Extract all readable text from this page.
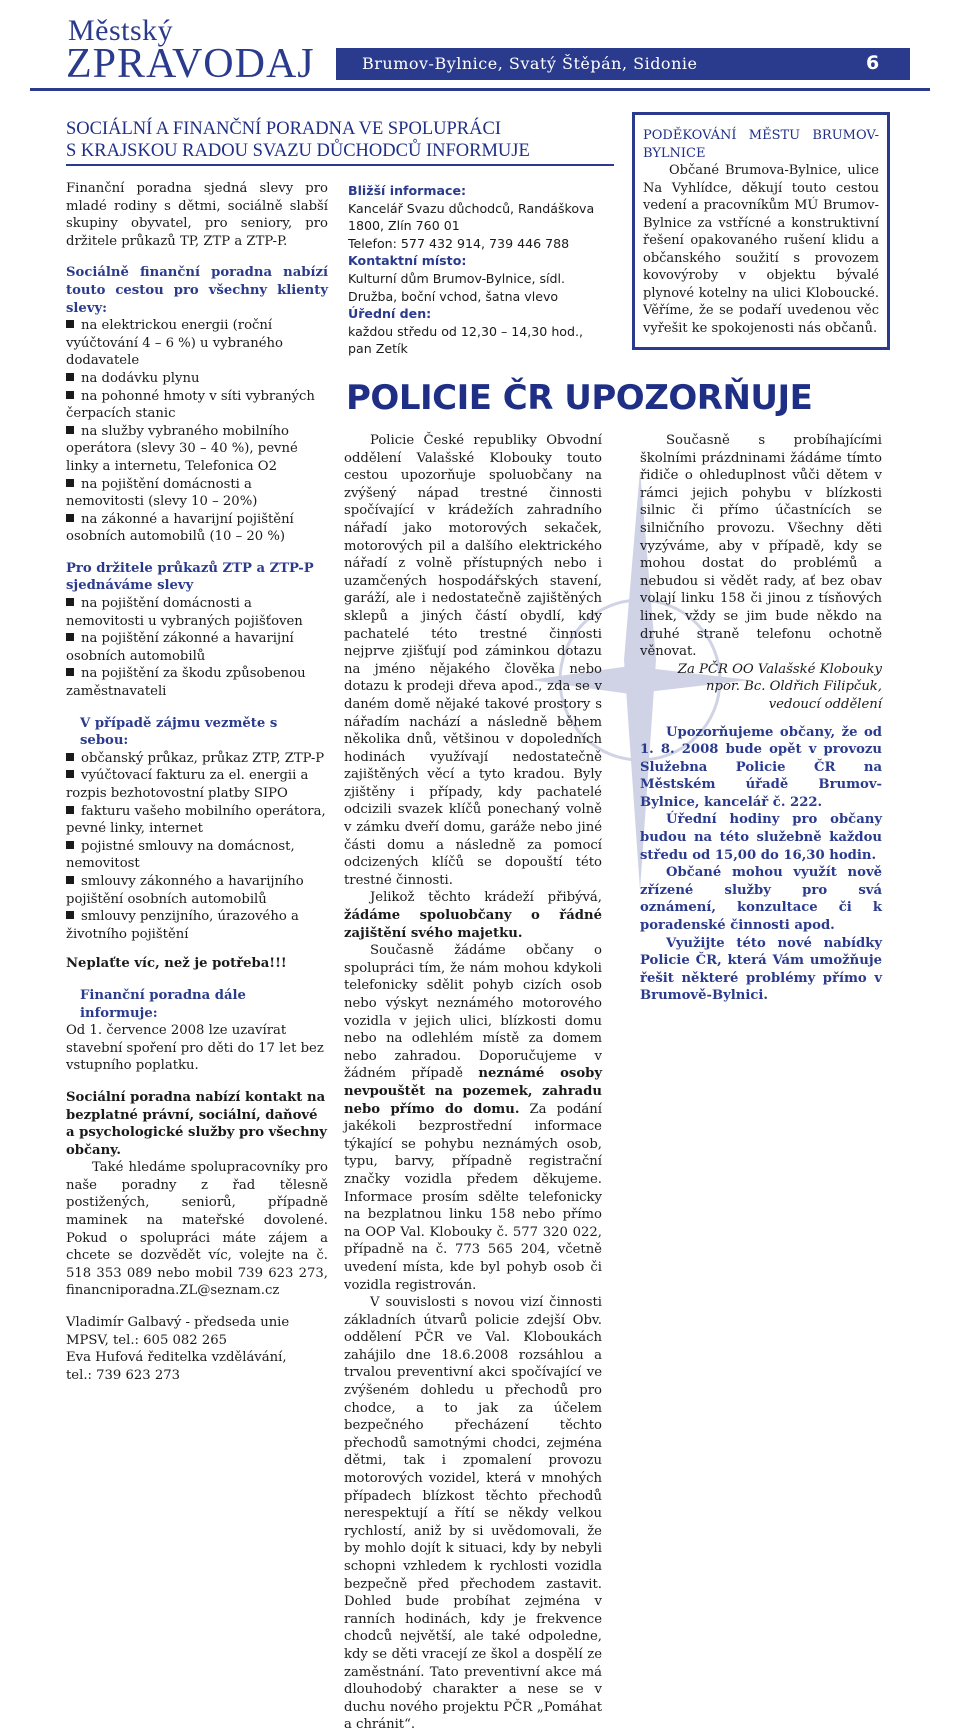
Městský
ZPRAVODAJ	Brumov-Bylnice, Svatý Štěpán, Sidonie	6
SOCIÁLNÍ A FINANČNÍ PORADNA VE SPOLUPRÁCI
S KRAJSKOU RADOU SVAZU DŮCHODCŮ INFORMUJE

Finanční poradna sjedná slevy pro mladé rodiny s dětmi, sociálně slabší skupiny obyvatel, pro seniory, pro držitele průkazů TP, ZTP a ZTP-P.

Sociálně finanční poradna nabízí touto cestou pro všechny klienty slevy:

na elektrickou energii (roční vyúčtování 4 – 6 %) u vybraného dodavatele

na dodávku plynu

na pohonné hmoty v síti vybraných čerpacích stanic

na služby vybraného mobilního operátora (slevy 30 – 40 %), pevné linky a internetu, Telefonica O2

na pojištění domácnosti a nemovitosti (slevy 10 – 20%)

na zákonné a havarijní pojištění osobních automobilů (10 – 20 %)

Pro držitele průkazů ZTP a ZTP-P sjednáváme slevy

na pojištění domácnosti a nemovitosti u vybraných pojišťoven

na pojištění zákonné a havarijní osobních automobilů

na pojištění za škodu způsobenou zaměstnavateli

V případě zájmu vezměte s sebou:

občanský průkaz, průkaz ZTP, ZTP-P

vyúčtovací fakturu za el. energii a rozpis bezhotovostní platby SIPO

fakturu vašeho mobilního operátora, pevné linky, internet

pojistné smlouvy na domácnost, nemovitost

smlouvy zákonného a havarijního pojištění osobních automobilů

smlouvy penzijního, úrazového a životního pojištění

Neplaťte víc, než je potřeba!!!

Finanční poradna dále informuje:

Od 1. července 2008 lze uzavírat stavební spoření pro děti do 17 let bez vstupního poplatku.

Sociální poradna nabízí kontakt na bezplatné právní, sociální, daňové a psychologické služby pro všechny občany.

Také hledáme spolupracovníky pro naše poradny z řad tělesně postižených, seniorů, případně maminek na mateřské dovolené. Pokud o spolupráci máte zájem a chcete se dozvědět víc, volejte na č. 518 353 089 nebo mobil 739 623 273, financniporadna.ZL@seznam.cz

Vladimír Galbavý - předseda unie

MPSV, tel.: 605 082 265

Eva Hufová ředitelka vzdělávání,

tel.: 739 623 273

Bližší informace:

Kancelář Svazu důchodců, Randáškova 1800, Zlín 760 01

Telefon: 577 432 914, 739 446 788

Kontaktní místo:

Kulturní dům Brumov-Bylnice, sídl. Družba, boční vchod, šatna vlevo

Úřední den:

každou středu od 12,30 – 14,30 hod., pan Zetík

PODĚKOVÁNÍ MĚSTU BRUMOV-BYLNICE

Občané Brumova-Bylnice, ulice Na Vyhlídce, děkují touto cestou vedení a pracovníkům MÚ Brumov-Bylnice za vstřícné a konstruktivní řešení opakovaného rušení klidu a občanského soužití s provozem kovovýroby v objektu bývalé plynové kotelny na ulici Kloboucké. Věříme, že se podaří uvedenou věc vyřešit ke spokojenosti nás občanů.

POLICIE ČR UPOZORŇUJE

Policie České republiky Obvodní oddělení Valašské Klobouky touto cestou upozorňuje spoluobčany na zvýšený nápad trestné činnosti spočívající v krádežích zahradního nářadí jako motorových sekaček, motorových pil a dalšího elektrického nářadí z volně přístupných nebo i uzamčených hospodářských stavení, garáží, ale i nedostatečně zajištěných sklepů a jiných částí obydlí, kdy pachatelé této trestné činnosti nejprve zjišťují pod záminkou dotazu na jméno nějakého člověka nebo dotazu k prodeji dřeva apod., zda se v daném domě nějaké takové prostory s nářadím nachází a následně během několika dnů, většinou v dopoledních hodinách využívají nedostatečně zajištěných věcí a tyto kradou. Byly zjištěny i případy, kdy pachatelé odcizili svazek klíčů ponechaný volně v zámku dveří domu, garáže nebo jiné části domu a následně za pomocí odcizených klíčů se dopouští této trestné činnosti.

Jelikož těchto krádeží přibývá, žádáme spoluobčany o řádné zajištění svého majetku.

Současně žádáme občany o spolupráci tím, že nám mohou kdykoli telefonicky sdělit pohyb cizích osob nebo výskyt neznámého motorového vozidla v jejich ulici, blízkosti domu nebo na odlehlém místě za domem nebo zahradou. Doporučujeme v žádném případě neznámé osoby nevpouštět na pozemek, zahradu nebo přímo do domu. Za podání jakékoli bezprostřední informace týkající se pohybu neznámých osob, typu, barvy, případně registrační značky vozidla předem děkujeme. Informace prosím sdělte telefonicky na bezplatnou linku 158 nebo přímo na OOP Val. Klobouky č. 577 320 022, případně na č. 773 565 204, včetně uvedení místa, kde byl pohyb osob či vozidla registrován.

V souvislosti s novou vizí činnosti základních útvarů policie zdejší Obv. oddělení PČR ve Val. Kloboukách zahájilo dne 18.6.2008 rozsáhlou a trvalou preventivní akci spočívající ve zvýšeném dohledu u přechodů pro chodce, a to jak za účelem bezpečného přecházení těchto přechodů samotnými chodci, zejména dětmi, tak i zpomalení provozu motorových vozidel, která v mnohých případech blízkost těchto přechodů nerespektují a řítí se někdy velkou rychlostí, aniž by si uvědomovali, že by mohlo dojít k situaci, kdy by nebyli schopni vzhledem k rychlosti vozidla bezpečně před přechodem zastavit. Dohled bude probíhat zejména v ranních hodinách, kdy je frekvence chodců největší, ale také odpoledne, kdy se děti vracejí ze škol a dospělí ze zaměstnání. Tato preventivní akce má dlouhodobý charakter a nese se v duchu nového projektu PČR „Pomáhat a chránit“.

Současně s probíhajícími školními prázdninami žádáme tímto řidiče o ohleduplnost vůči dětem v rámci jejich pohybu v blízkosti silnic či přímo účastnících se silničního provozu. Všechny děti vyzýváme, aby v případě, kdy se mohou dostat do problémů a nebudou si vědět rady, ať bez obav volají linku 158 či jinou z tísňových linek, vždy se jim bude někdo na druhé straně telefonu ochotně věnovat.

Za PČR OO Valašské Klobouky

npor. Bc. Oldřich Filipčuk,

vedoucí oddělení

Upozorňujeme občany, že od 1. 8. 2008 bude opět v provozu Služebna Policie ČR na Městském úřadě Brumov-Bylnice, kancelář č. 222.

Úřední hodiny pro občany budou na této služebně každou středu od 15,00 do 16,30 hodin.

Občané mohou využít nově zřízené služby pro svá oznámení, konzultace či k poradenské činnosti apod.

Využijte této nové nabídky Policie ČR, která Vám umožňuje řešit některé problémy přímo v Brumově-Bylnici.
